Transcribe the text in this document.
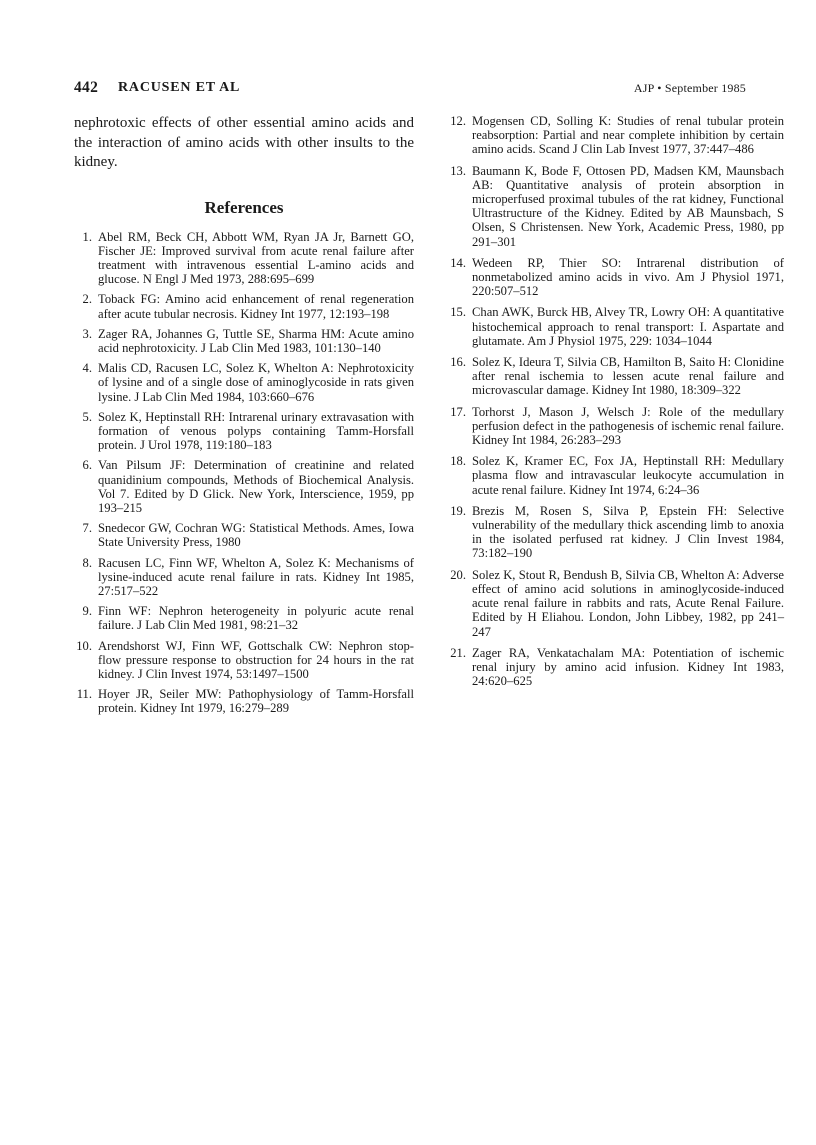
442 RACUSEN ET AL	AJP • September 1985

nephrotoxic effects of other essential amino acids and the interaction of amino acids with other insults to the kidney.

References
1. Abel RM, Beck CH, Abbott WM, Ryan JA Jr, Barnett GO, Fischer JE: Improved survival from acute renal failure after treatment with intravenous essential L-amino acids and glucose. N Engl J Med 1973, 288:695–699
2. Toback FG: Amino acid enhancement of renal regeneration after acute tubular necrosis. Kidney Int 1977, 12:193–198
3. Zager RA, Johannes G, Tuttle SE, Sharma HM: Acute amino acid nephrotoxicity. J Lab Clin Med 1983, 101:130–140
4. Malis CD, Racusen LC, Solez K, Whelton A: Nephrotoxicity of lysine and of a single dose of aminoglycoside in rats given lysine. J Lab Clin Med 1984, 103:660–676
5. Solez K, Heptinstall RH: Intrarenal urinary extravasation with formation of venous polyps containing Tamm-Horsfall protein. J Urol 1978, 119:180–183
6. Van Pilsum JF: Determination of creatinine and related quanidinium compounds, Methods of Biochemical Analysis. Vol 7. Edited by D Glick. New York, Interscience, 1959, pp 193–215
7. Snedecor GW, Cochran WG: Statistical Methods. Ames, Iowa State University Press, 1980
8. Racusen LC, Finn WF, Whelton A, Solez K: Mechanisms of lysine-induced acute renal failure in rats. Kidney Int 1985, 27:517–522
9. Finn WF: Nephron heterogeneity in polyuric acute renal failure. J Lab Clin Med 1981, 98:21–32
10. Arendshorst WJ, Finn WF, Gottschalk CW: Nephron stop-flow pressure response to obstruction for 24 hours in the rat kidney. J Clin Invest 1974, 53:1497–1500
11. Hoyer JR, Seiler MW: Pathophysiology of Tamm-Horsfall protein. Kidney Int 1979, 16:279–289
12. Mogensen CD, Solling K: Studies of renal tubular protein reabsorption: Partial and near complete inhibition by certain amino acids. Scand J Clin Lab Invest 1977, 37:447–486
13. Baumann K, Bode F, Ottosen PD, Madsen KM, Maunsbach AB: Quantitative analysis of protein absorption in microperfused proximal tubules of the rat kidney, Functional Ultrastructure of the Kidney. Edited by AB Maunsbach, S Olsen, S Christensen. New York, Academic Press, 1980, pp 291–301
14. Wedeen RP, Thier SO: Intrarenal distribution of nonmetabolized amino acids in vivo. Am J Physiol 1971, 220:507–512
15. Chan AWK, Burck HB, Alvey TR, Lowry OH: A quantitative histochemical approach to renal transport: I. Aspartate and glutamate. Am J Physiol 1975, 229: 1034–1044
16. Solez K, Ideura T, Silvia CB, Hamilton B, Saito H: Clonidine after renal ischemia to lessen acute renal failure and microvascular damage. Kidney Int 1980, 18:309–322
17. Torhorst J, Mason J, Welsch J: Role of the medullary perfusion defect in the pathogenesis of ischemic renal failure. Kidney Int 1984, 26:283–293
18. Solez K, Kramer EC, Fox JA, Heptinstall RH: Medullary plasma flow and intravascular leukocyte accumulation in acute renal failure. Kidney Int 1974, 6:24–36
19. Brezis M, Rosen S, Silva P, Epstein FH: Selective vulnerability of the medullary thick ascending limb to anoxia in the isolated perfused rat kidney. J Clin Invest 1984, 73:182–190
20. Solez K, Stout R, Bendush B, Silvia CB, Whelton A: Adverse effect of amino acid solutions in aminoglycoside-induced acute renal failure in rabbits and rats, Acute Renal Failure. Edited by H Eliahou. London, John Libbey, 1982, pp 241–247
21. Zager RA, Venkatachalam MA: Potentiation of ischemic renal injury by amino acid infusion. Kidney Int 1983, 24:620–625
